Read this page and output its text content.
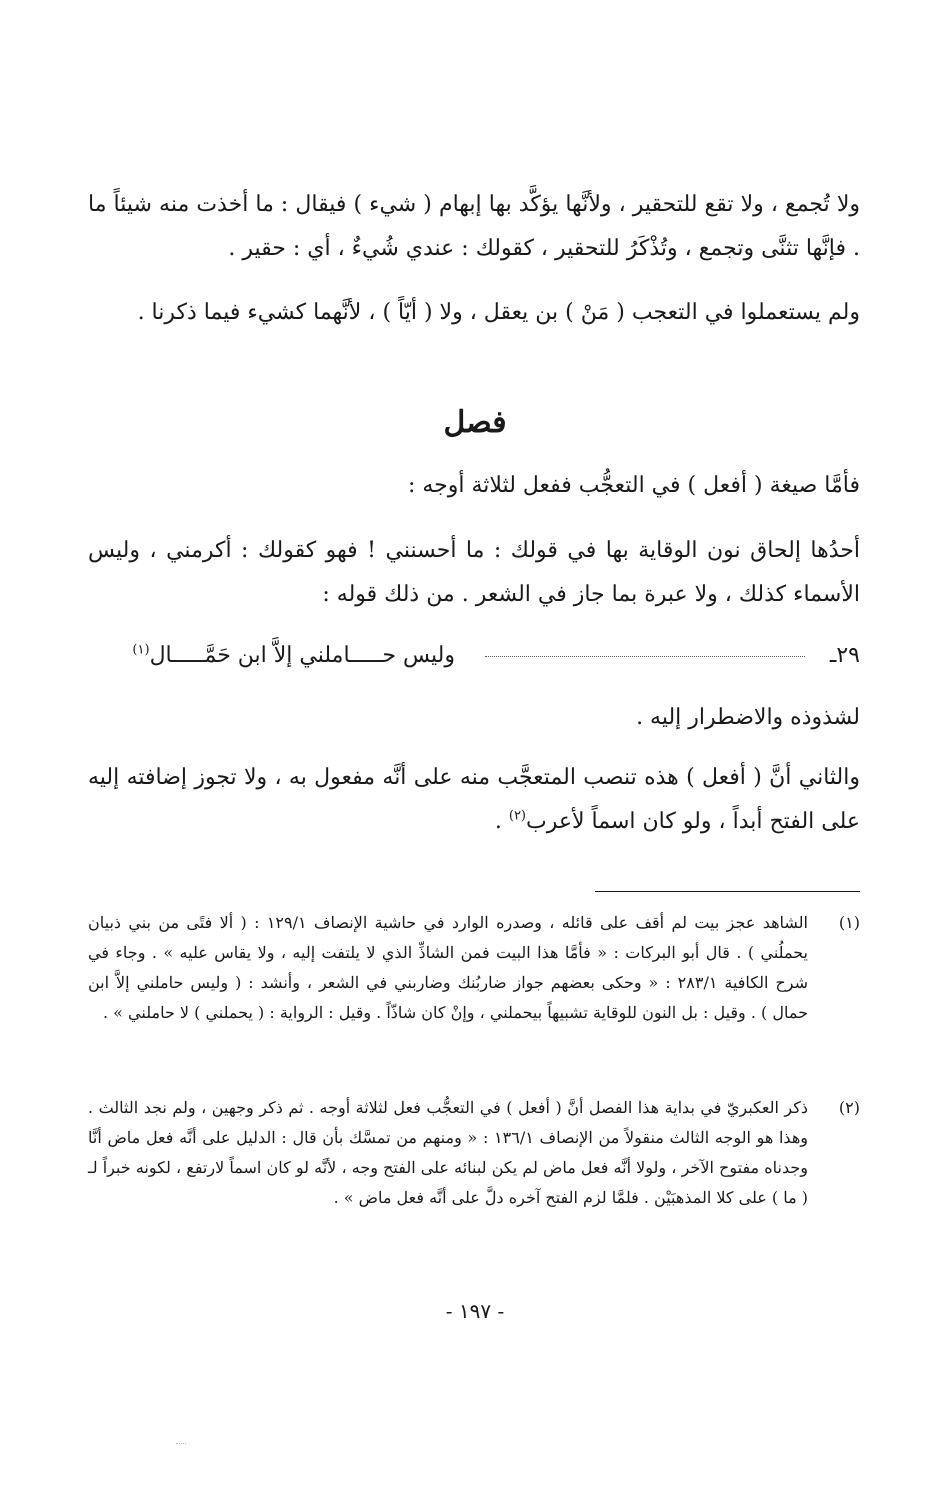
ولا تُجمع ، ولا تقع للتحقير ، ولأنَّها يؤكَّد بها إبهام ( شيء ) فيقال : ما أخذت منه شيئاً ما . فإنَّها تثنَّى وتجمع ، وتُذْكَرُ للتحقير ، كقولك : عندي شُيءٌ ، أي : حقير .

ولم يستعملوا في التعجب ( مَنْ ) بن يعقل ، ولا ( أيّاً ) ، لأنَّهما كشيء فيما ذكرنا .

فصل

فأمَّا صيغة ( أفعل ) في التعجُّب ففعل لثلاثة أوجه :

أحدُها إلحاق نون الوقاية بها في قولك : ما أحسنني ! فهو كقولك : أكرمني ، وليس الأسماء كذلك ، ولا عبرة بما جاز في الشعر . من ذلك قوله :

٢٩ـ
وليس حـــــاملني إلاَّ ابن حَمَّـــــال$^{(١)}$

لشذوذه والاضطرار إليه .

والثاني أنَّ ( أفعل ) هذه تنصب المتعجَّب منه على أنَّه مفعول به ، ولا تجوز إضافته إليه على الفتح أبداً ، ولو كان اسماً لأعرب$^{(٢)}$ .

(١)
الشاهد عجز بيت لم أقف على قائله ، وصدره الوارد في حاشية الإنصاف ١٢٩/١ : ( ألا فتًى من بني ذبيان يحملُني ) . قال أبو البركات : « فأمَّا هذا البيت فمن الشاذِّ الذي لا يلتفت إليه ، ولا يقاس عليه » . وجاء في شرح الكافية ٢٨٣/١ : « وحكى بعضهم جواز ضاربُنك وضاربني في الشعر ، وأنشد : ( وليس حاملني إلاَّ ابن حمال ) . وقيل : بل النون للوقاية تشبيهاً بيحملني ، وإنْ كان شاذّاً . وقيل : الرواية : ( يحملني ) لا حاملني » .
(٢)
ذكر العكبريّ في بداية هذا الفصل أنَّ ( أفعل ) في التعجُّب فعل لثلاثة أوجه . ثم ذكر وجهين ، ولم نجد الثالث . وهذا هو الوجه الثالث منقولاً من الإنصاف ١٣٦/١ : « ومنهم من تمسَّك بأن قال : الدليل على أنَّه فعل ماض أنَّا وجدناه مفتوح الآخر ، ولولا أنَّه فعل ماض لم يكن لبنائه على الفتح وجه ، لأنَّه لو كان اسماً لارتفع ، لكونه خبراً لـ ( ما ) على كلا المذهبَيْن . فلمَّا لزم الفتح آخره دلَّ على أنَّه فعل ماض » .
- ١٩٧ -
